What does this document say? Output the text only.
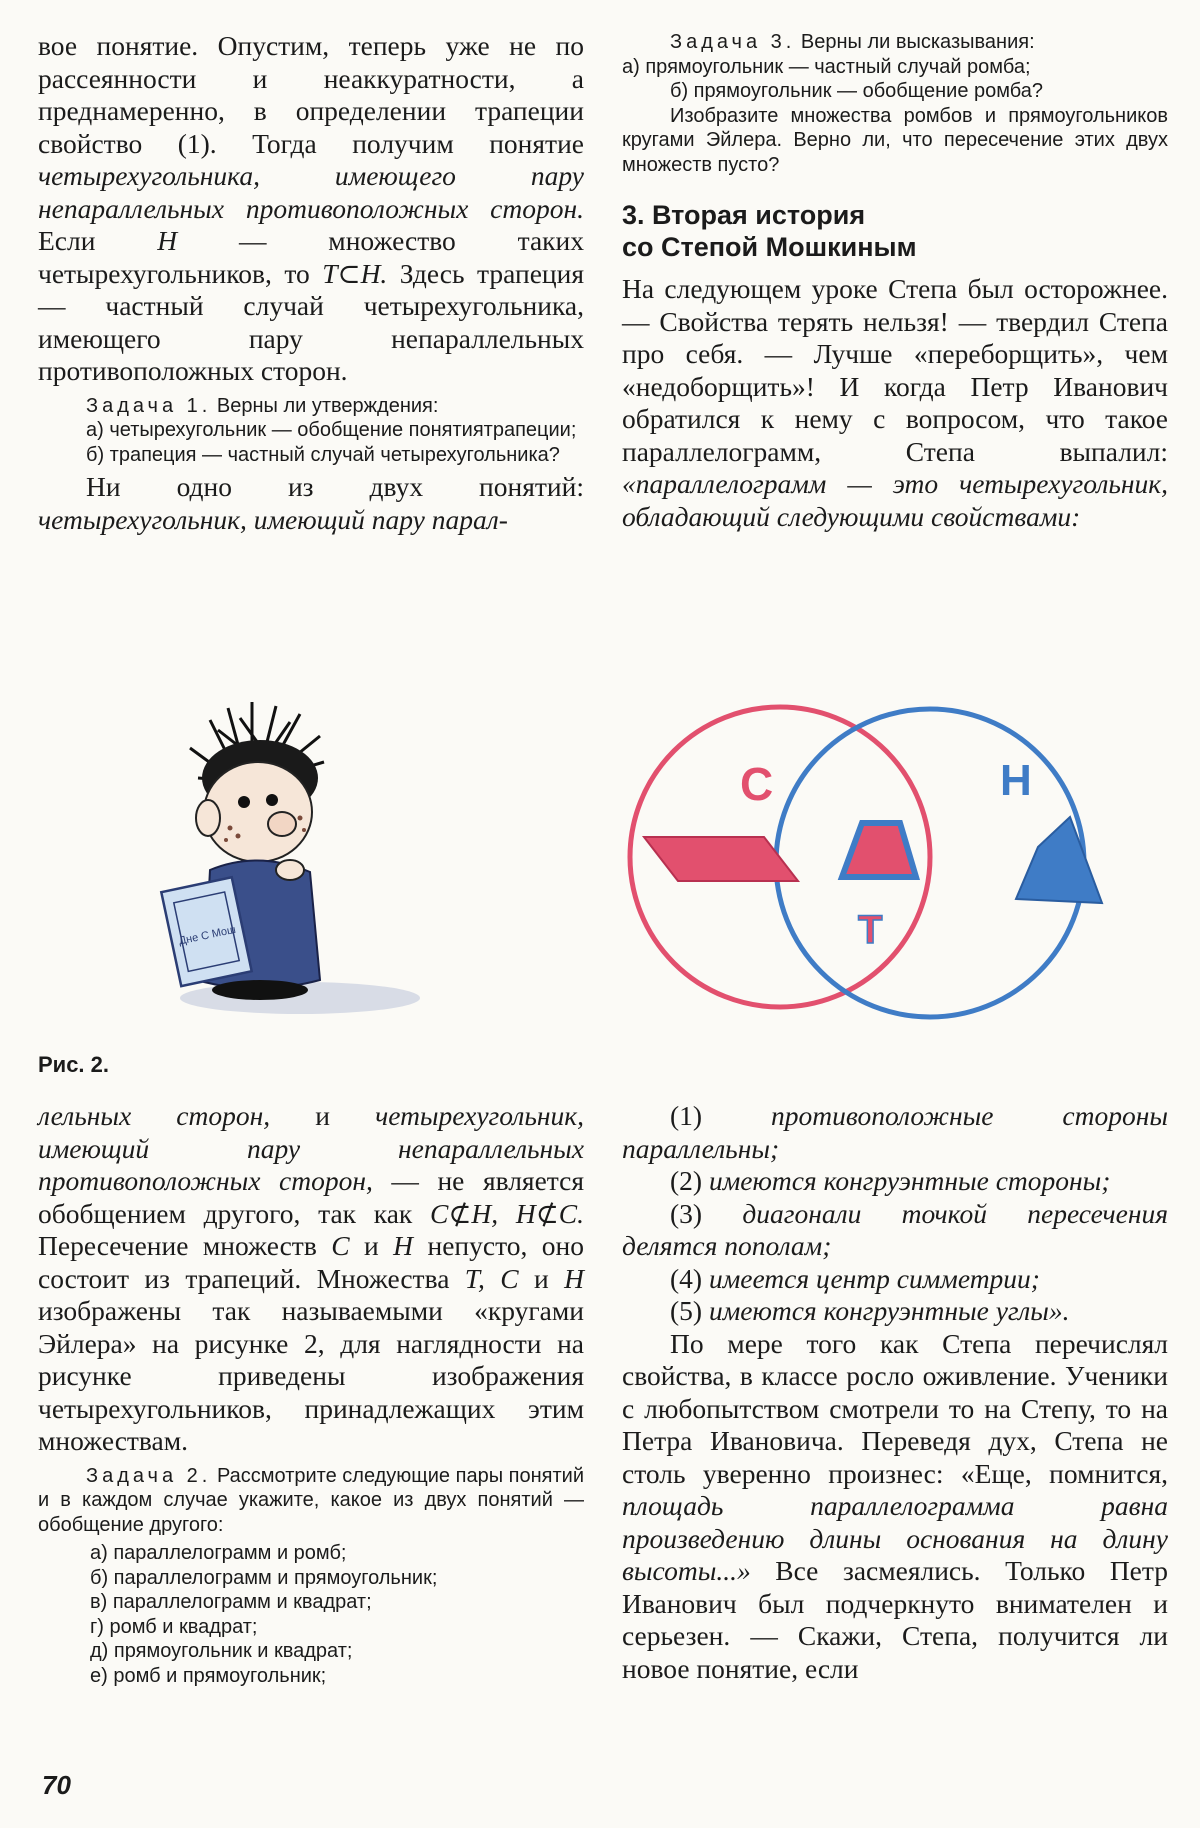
вое понятие. Опустим, теперь уже не по рассеянности и неаккуратности, а преднамеренно, в определении трапеции свойство (1). Тогда получим понятие четырехугольника, имеющего пару непараллельных противоположных сторон. Если H — множество таких четырехугольников, то T⊂H. Здесь трапеция — частный случай четырехугольника, имеющего пару непараллельных противоположных сторон.

Задача 1. Верны ли утверждения:
а) четырехугольник — обобщение понятиятрапеции;
б) трапеция — частный случай четырехугольника?

Ни одно из двух понятий: четырехугольник, имеющий пару парал-

Задача 3. Верны ли высказывания:
а) прямоугольник — частный случай ромба;
б) прямоугольник — обобщение ромба?
Изобразите множества ромбов и прямоугольников кругами Эйлера. Верно ли, что пересечение этих двух множеств пусто?
3. Вторая история
со Степой Мошкиным

На следующем уроке Степа был осторожнее. — Свойства терять нельзя! — твердил Степа про себя. — Лучше «переборщить», чем «недоборщить»! И когда Петр Иванович обратился к нему с вопросом, что такое параллелограмм, Степа выпалил: «параллелограмм — это четырехугольник, обладающий следующими свойствами:

Дне С Мош
С	Н
Т
Рис. 2.

лельных сторон, и четырехугольник, имеющий пару непараллельных противоположных сторон, — не является обобщением другого, так как C⊄H, H⊄C. Пересечение множеств C и H непусто, оно состоит из трапеций. Множества T, C и H изображены так называемыми «кругами Эйлера» на рисунке 2, для наглядности на рисунке приведены изображения четырехугольников, принадлежащих этим множествам.

Задача 2. Рассмотрите следующие пары понятий и в каждом случае укажите, какое из двух понятий — обобщение другого:
а) параллелограмм и ромб;
б) параллелограмм и прямоугольник;
в) параллелограмм и квадрат;
г) ромб и квадрат;
д) прямоугольник и квадрат;
е) ромб и прямоугольник;
(1) противоположные стороны параллельны;
(2) имеются конгруэнтные стороны;
(3) диагонали точкой пересечения делятся пополам;
(4) имеется центр симметрии;
(5) имеются конгруэнтные углы».

По мере того как Степа перечислял свойства, в классе росло оживление. Ученики с любопытством смотрели то на Степу, то на Петра Ивановича. Переведя дух, Степа не столь уверенно произнес: «Еще, помнится, площадь параллелограмма равна произведению длины основания на длину высоты...» Все засмеялись. Только Петр Иванович был подчеркнуто внимателен и серьезен. — Скажи, Степа, получится ли новое понятие, если

70
